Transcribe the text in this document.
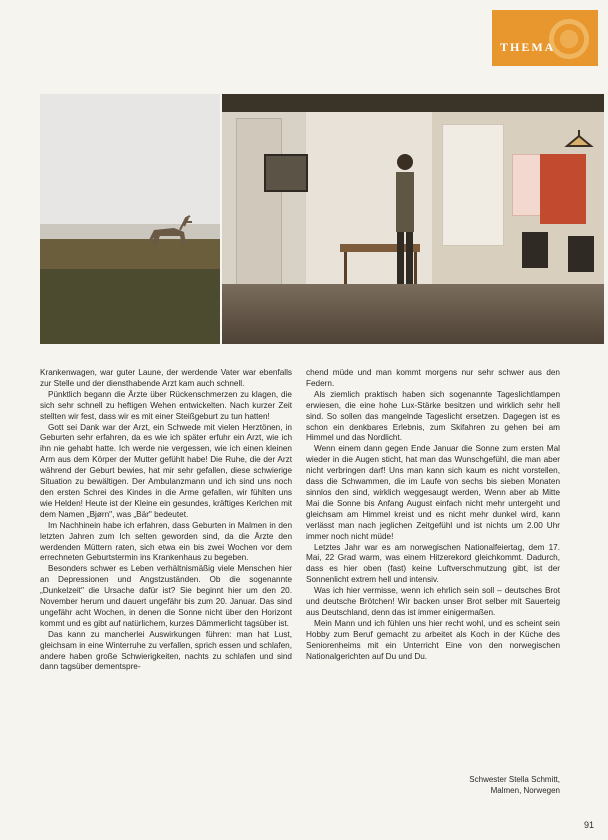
THEMA

Krankenwagen, war guter Laune, der werdende Vater war ebenfalls zur Stelle und der diensthabende Arzt kam auch schnell.

Pünktlich begann die Ärzte über Rückenschmerzen zu klagen, die sich sehr schnell zu heftigen Wehen entwickelten. Nach kurzer Zeit stellten wir fest, dass wir es mit einer Steißgeburt zu tun hatten!

Gott sei Dank war der Arzt, ein Schwede mit vielen Herztönen, in Geburten sehr erfahren, da es wie ich später erfuhr ein Arzt, wie ich ihn nie gehabt hatte. Ich werde nie vergessen, wie ich einen kleinen Arm aus dem Körper der Mutter gefühlt habe! Die Ruhe, die der Arzt während der Geburt bewies, hat mir sehr gefallen, diese schwierige Situation zu bewältigen. Der Ambulanzmann und ich sind uns noch den ersten Schrei des Kindes in die Arme gefallen, wir fühlten uns wie Helden! Heute ist der Kleine ein gesundes, kräftiges Kerlchen mit dem Namen „Bjørn", was „Bär" bedeutet.

Im Nachhinein habe ich erfahren, dass Geburten in Malmen in den letzten Jahren zum Ich selten geworden sind, da die Ärzte den werdenden Müttern raten, sich etwa ein bis zwei Wochen vor dem errechneten Geburtstermin ins Krankenhaus zu begeben.

Besonders schwer es Leben verhältnismäßig viele Menschen hier an Depressionen und Angstzuständen. Ob die sogenannte „Dunkelzeit" die Ursache dafür ist? Sie beginnt hier um den 20. November herum und dauert ungefähr bis zum 20. Januar. Das sind ungefähr acht Wochen, in denen die Sonne nicht über den Horizont kommt und es gibt auf natürlichem, kurzes Dämmerlicht tagsüber ist.

Das kann zu mancherlei Auswirkungen führen: man hat Lust, gleichsam in eine Winterruhe zu verfallen, sprich essen und schlafen, andere haben große Schwierigkeiten, nachts zu schlafen und sind dann tagsüber dementspre-

chend müde und man kommt morgens nur sehr schwer aus den Federn.

Als ziemlich praktisch haben sich sogenannte Tageslichtlampen erwiesen, die eine hohe Lux-Stärke besitzen und wirklich sehr hell sind. So sollen das mangelnde Tageslicht ersetzen. Dagegen ist es schon ein denkbares Erlebnis, zum Skifahren zu gehen bei am Himmel und das Nordlicht.

Wenn einem dann gegen Ende Januar die Sonne zum ersten Mal wieder in die Augen sticht, hat man das Wunschgefühl, die man aber nicht verbringen darf! Uns man kann sich kaum es nicht vorstellen, dass die Schwammen, die im Laufe von sechs bis sieben Monaten sinnlos den sind, wirklich weggesaugt werden, Wenn aber ab Mitte Mai die Sonne bis Anfang August einfach nicht mehr untergeht und gleichsam am Himmel kreist und es nicht mehr dunkel wird, kann verlässt man nach jeglichen Zeitgefühl und ist nichts um 2.00 Uhr immer noch nicht müde!

Letztes Jahr war es am norwegischen Nationalfeiertag, dem 17. Mai, 22 Grad warm, was einem Hitzerekord gleichkommt. Dadurch, dass es hier oben (fast) keine Luftverschmutzung gibt, ist der Sonnenlicht extrem hell und intensiv.

Was ich hier vermisse, wenn ich ehrlich sein soll – deutsches Brot und deutsche Brötchen! Wir backen unser Brot selber mit Sauerteig aus Deutschland, denn das ist immer einigermaßen.

Mein Mann und ich fühlen uns hier recht wohl, und es scheint sein Hobby zum Beruf gemacht zu arbeitet als Koch in der Küche des Seniorenheims mit ein Unterricht Eine von den norwegischen Nationalgerichten auf Du und Du.

Schwester Stella Schmitt,
Malmen, Norwegen
91
